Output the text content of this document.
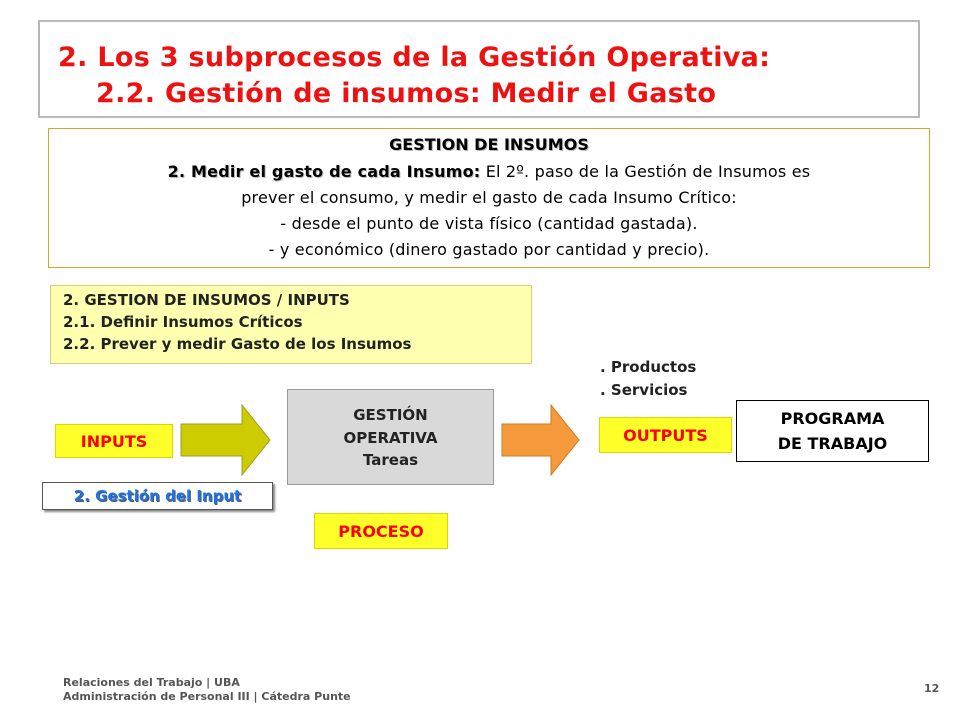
2. Los 3 subprocesos de la Gestión Operativa:
2.2. Gestión de insumos: Medir el Gasto
GESTION DE INSUMOS
2. Medir el gasto de cada Insumo: El 2º. paso de la Gestión de Insumos es
prever el consumo, y medir el gasto de cada Insumo Crítico:
- desde el punto de vista físico (cantidad gastada).
- y económico (dinero gastado por cantidad y precio).
2. GESTION DE INSUMOS / INPUTS
2.1. Definir Insumos Críticos
2.2. Prever y medir Gasto de los Insumos
. Productos
. Servicios
INPUTS
GESTIÓN
OPERATIVA
Tareas
OUTPUTS
PROGRAMA
DE TRABAJO
2. Gestión del Input
PROCESO
Relaciones del Trabajo | UBA
Administración de Personal III | Cátedra Punte
12
